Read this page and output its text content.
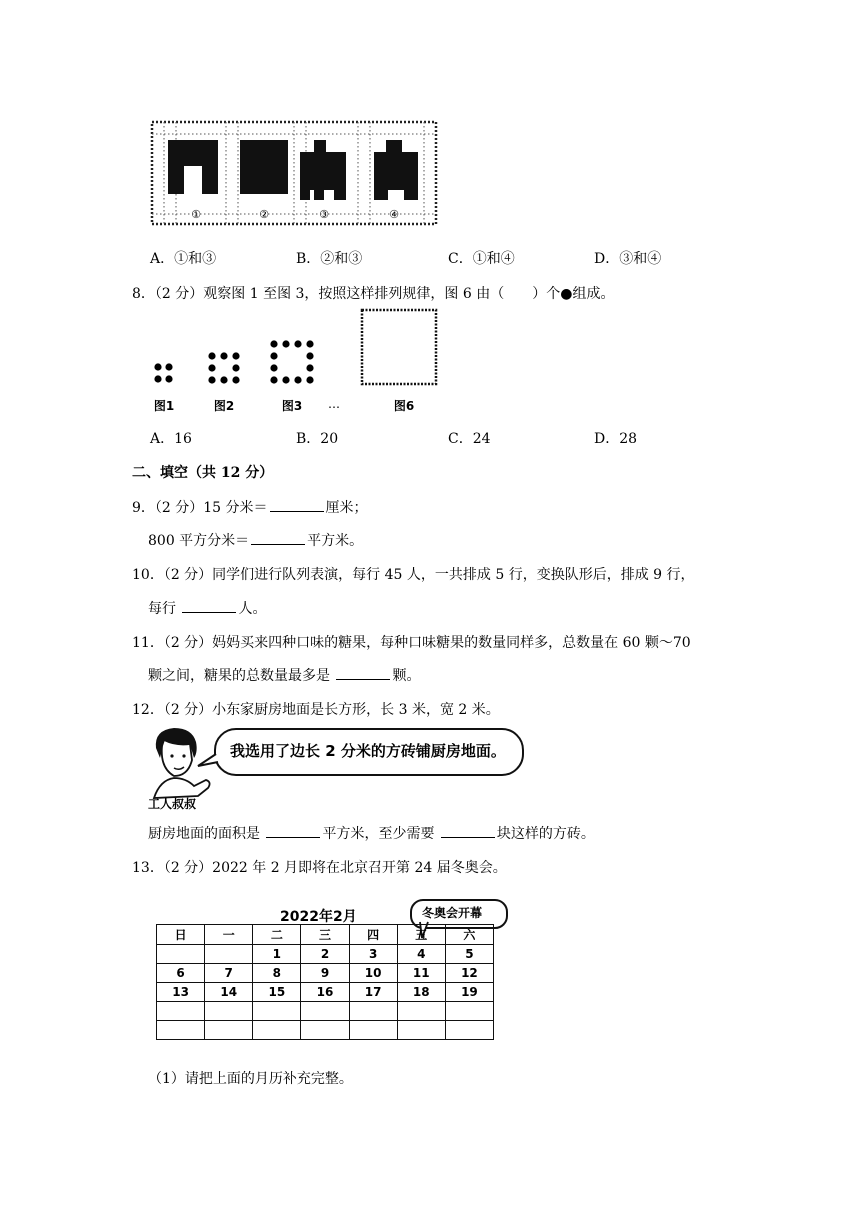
①	②	③	④
A．①和③	B．②和③	C．①和④	D．③和④
8．（2 分）观察图 1 至图 3，按照这样排列规律，图 6 由（　　）个●组成。
图1	图2	图3 …	图6
A．16	B．20	C．24	D．28
二、填空（共 12 分）
9．（2 分）15 分米＝	厘米；
800 平方分米＝	平方米。
10．（2 分）同学们进行队列表演，每行 45 人，一共排成 5 行，变换队形后，排成 9 行，
每行	人。
11．（2 分）妈妈买来四种口味的糖果，每种口味糖果的数量同样多，总数量在 60 颗～70
颗之间，糖果的总数量最多是	颗。
12．（2 分）小东家厨房地面是长方形，长 3 米，宽 2 米。
工人叔叔
我选用了边长 2 分米的方砖铺厨房地面。
厨房地面的面积是	平方米，至少需要	块这样的方砖。
13．（2 分）2022 年 2 月即将在北京召开第 24 届冬奥会。
2022年2月	冬奥会开幕
日	一	二	三	四	五	六
		1	2	3	4	5
6	7	8	9	10	11	12
13	14	15	16	17	18	19

（1）请把上面的月历补充完整。
